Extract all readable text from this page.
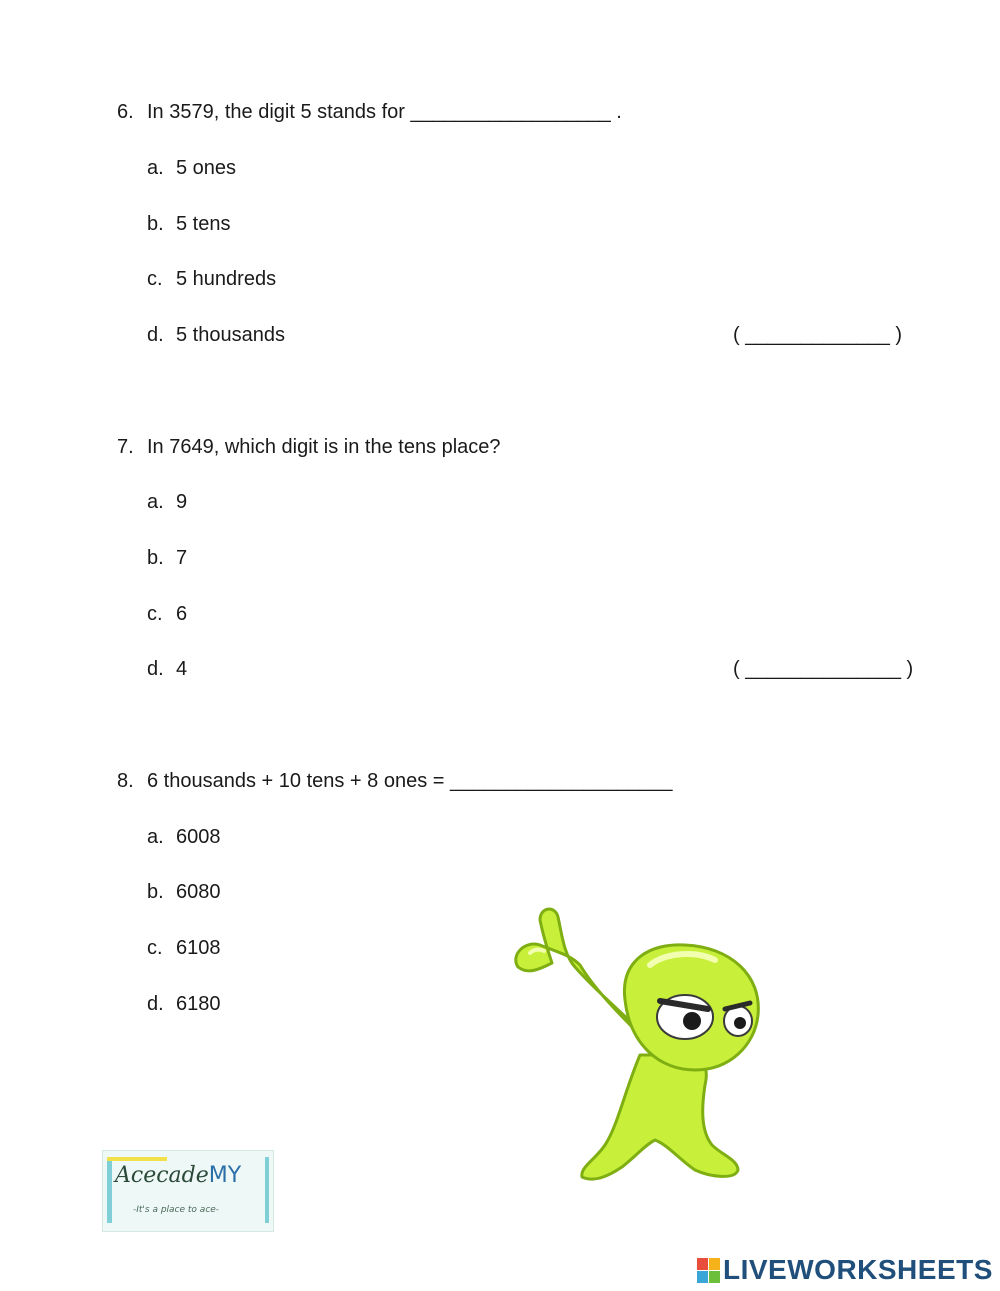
6. In 3579, the digit 5 stands for __________________ .
a. 5 ones
b. 5 tens
c. 5 hundreds
d. 5 thousands	( _____________ )
7. In 7649, which digit is in the tens place?
a. 9
b. 7
c. 6
d. 4	( ______________ )
8. 6 thousands + 10 tens + 8 ones = ____________________
a. 6008
b. 6080
c. 6108
d. 6180
AcecadeMY
-It's a place to ace-
LIVEWORKSHEETS
